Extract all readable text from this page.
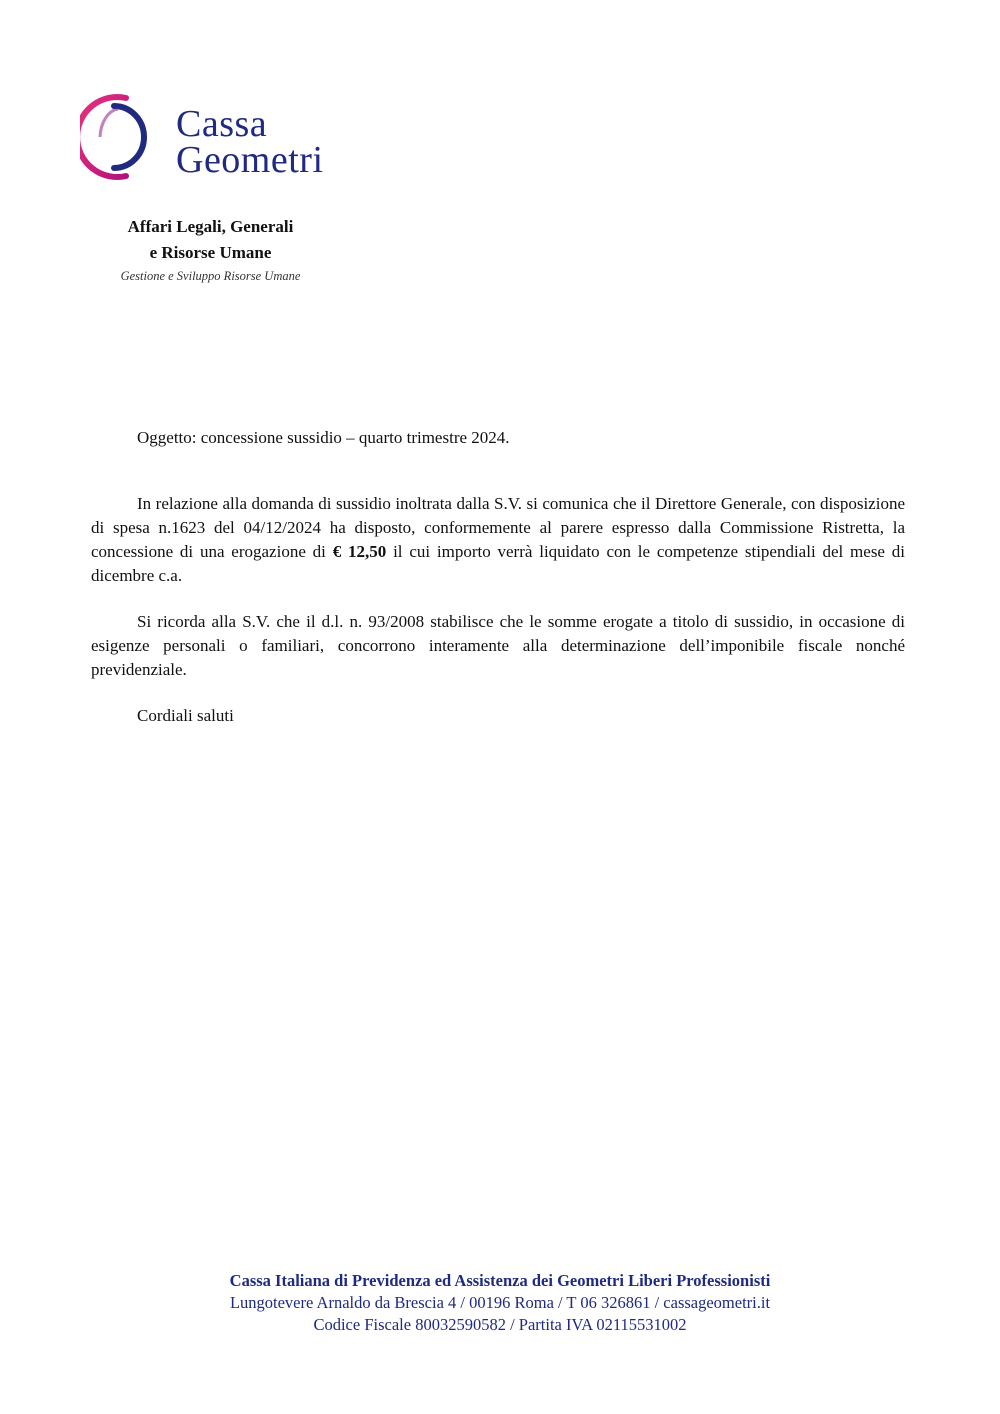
Cassa
Geometri
Affari Legali, Generali
e Risorse Umane
Gestione e Sviluppo Risorse Umane
Oggetto: concessione sussidio – quarto trimestre 2024.

In relazione alla domanda di sussidio inoltrata dalla S.V. si comunica che il Direttore Generale, con disposizione di spesa n.1623 del 04/12/2024 ha disposto, conformemente al parere espresso dalla Commissione Ristretta, la concessione di una erogazione di € 12,50 il cui importo verrà liquidato con le competenze stipendiali del mese di dicembre c.a.

Si ricorda alla S.V. che il d.l. n. 93/2008 stabilisce che le somme erogate a titolo di sussidio, in occasione di esigenze personali o familiari, concorrono interamente alla determinazione dell’imponibile fiscale nonché previdenziale.

Cordiali saluti

Cassa Italiana di Previdenza ed Assistenza dei Geometri Liberi Professionisti
Lungotevere Arnaldo da Brescia 4 / 00196 Roma / T 06 326861 / cassageometri.it
Codice Fiscale 80032590582 / Partita IVA 02115531002
